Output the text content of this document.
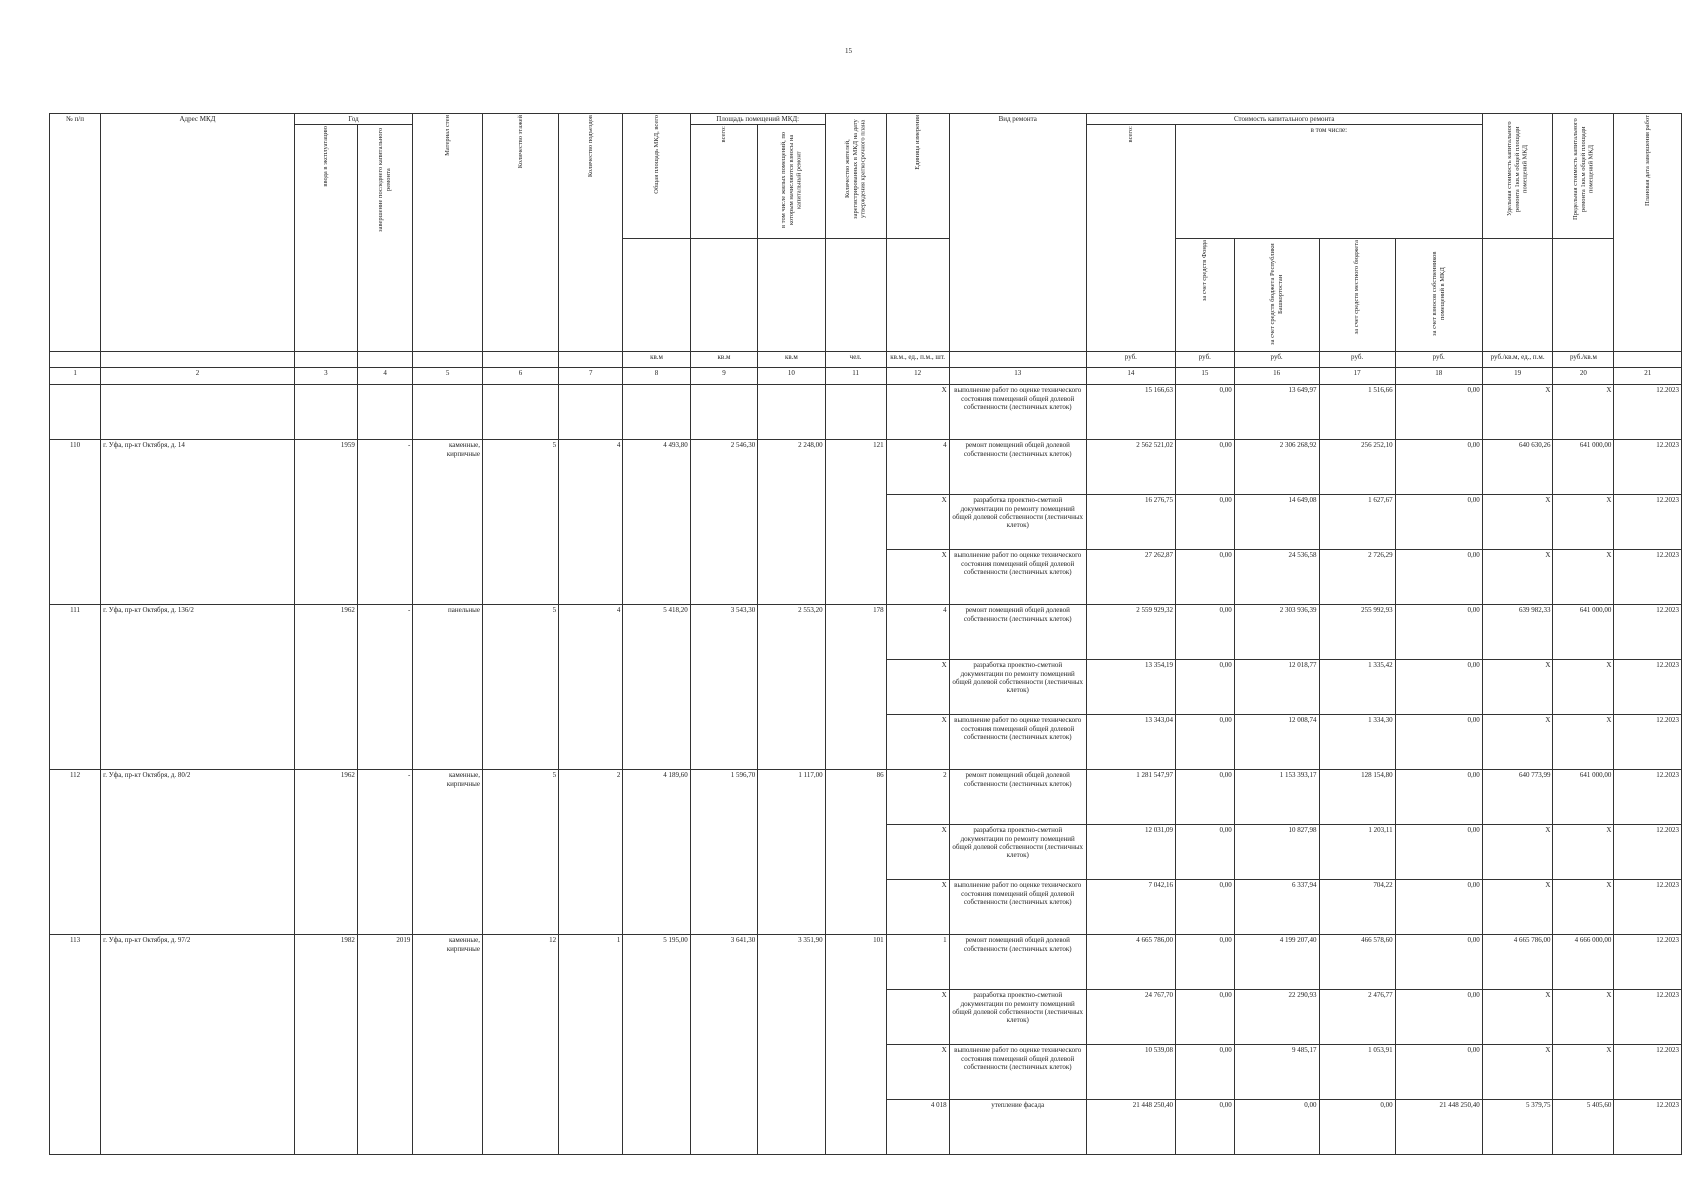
15
№ п/п	Адрес МКД	Год		Материал стен	Количество этажей	Количество подъездов	Общая площадь МКД, всего	Площадь помещений МКД:		Количество жителей, зарегистрированных в МКД на дату утверждения краткосрочного плана	Единица измерения	Вид ремонта	Стоимость капитального ремонта					Удельная стоимость капитального ремонта 1кв.м общей площади помещений МКД	Предельная стоимость капитального ремонта 1кв.м общей площади помещений МКД	Плановая дата завершения работ
		ввода в эксплуатацию	завершение последнего капитального ремонта					всего:	в том числе жилых помещений, по которым начисляются взносы на капитальный ремонт				всего:	в том числе:						
														за счет средств Фонда	за счет средств бюджета Республики Башкортостан	за счет средств местного бюджета	за счет взносов собственников помещений в МКД			
							кв.м	кв.м	кв.м	чел.	кв.м., ед., п.м., шт.		руб.	руб.	руб.	руб.	руб.	руб./кв.м, ед., п.м.	руб./кв.м	
1	2	3	4	5	6	7	8	9	10	11	12	13	14	15	16	17	18	19	20	21
											X	выполнение работ по оценке технического состояния помещений общей долевой собственности (лестничных клеток)	15 166,63	0,00	13 649,97	1 516,66	0,00	X	X	12.2023
110	г. Уфа, пр-кт Октября, д. 14	1959	-	каменные, кирпичные	5	4	4 493,80	2 546,30	2 248,00	121	4	ремонт помещений общей долевой собственности (лестничных клеток)	2 562 521,02	0,00	2 306 268,92	256 252,10	0,00	640 630,26	641 000,00	12.2023
											X	разработка проектно-сметной документации по ремонту помещений общей долевой собственности (лестничных клеток)	16 276,75	0,00	14 649,08	1 627,67	0,00	X	X	12.2023
											X	выполнение работ по оценке технического состояния помещений общей долевой собственности (лестничных клеток)	27 262,87	0,00	24 536,58	2 726,29	0,00	X	X	12.2023
111	г. Уфа, пр-кт Октября, д. 136/2	1962	-	панельные	5	4	5 418,20	3 543,30	2 553,20	178	4	ремонт помещений общей долевой собственности (лестничных клеток)	2 559 929,32	0,00	2 303 936,39	255 992,93	0,00	639 982,33	641 000,00	12.2023
											X	разработка проектно-сметной документации по ремонту помещений общей долевой собственности (лестничных клеток)	13 354,19	0,00	12 018,77	1 335,42	0,00	X	X	12.2023
											X	выполнение работ по оценке технического состояния помещений общей долевой собственности (лестничных клеток)	13 343,04	0,00	12 008,74	1 334,30	0,00	X	X	12.2023
112	г. Уфа, пр-кт Октября, д. 80/2	1962	-	каменные, кирпичные	5	2	4 189,60	1 596,70	1 117,00	86	2	ремонт помещений общей долевой собственности (лестничных клеток)	1 281 547,97	0,00	1 153 393,17	128 154,80	0,00	640 773,99	641 000,00	12.2023
											X	разработка проектно-сметной документации по ремонту помещений общей долевой собственности (лестничных клеток)	12 031,09	0,00	10 827,98	1 203,11	0,00	X	X	12.2023
											X	выполнение работ по оценке технического состояния помещений общей долевой собственности (лестничных клеток)	7 042,16	0,00	6 337,94	704,22	0,00	X	X	12.2023
113	г. Уфа, пр-кт Октября, д. 97/2	1982	2019	каменные, кирпичные	12	1	5 195,00	3 641,30	3 351,90	101	1	ремонт помещений общей долевой собственности (лестничных клеток)	4 665 786,00	0,00	4 199 207,40	466 578,60	0,00	4 665 786,00	4 666 000,00	12.2023
											X	разработка проектно-сметной документации по ремонту помещений общей долевой собственности (лестничных клеток)	24 767,70	0,00	22 290,93	2 476,77	0,00	X	X	12.2023
											X	выполнение работ по оценке технического состояния помещений общей долевой собственности (лестничных клеток)	10 539,08	0,00	9 485,17	1 053,91	0,00	X	X	12.2023
											4 018	утепление фасада	21 448 250,40	0,00	0,00	0,00	21 448 250,40	5 379,75	5 405,60	12.2023
